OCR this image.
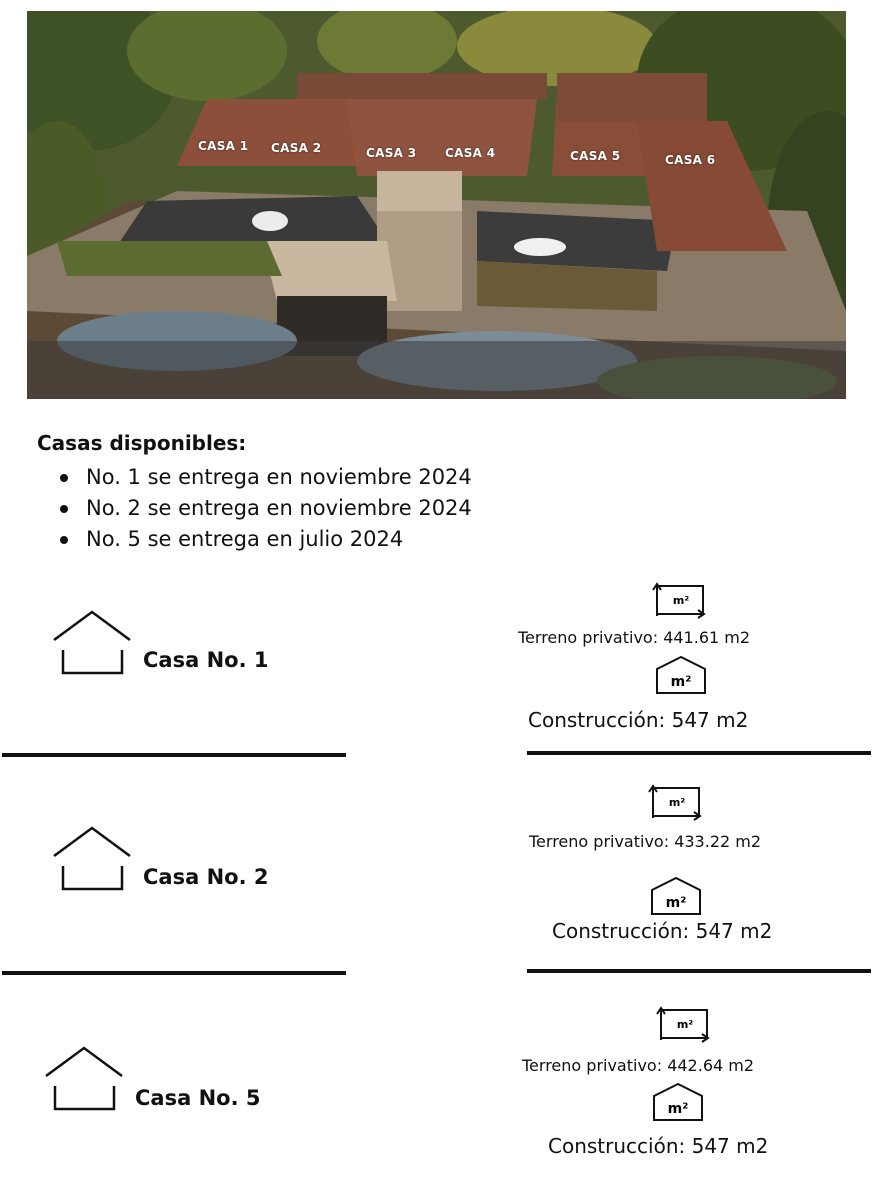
CASA 1 CASA 2	CASA 3 CASA 4	CASA 5	CASA 6
Casas disponibles:
No. 1 se entrega en noviembre 2024
No. 2 se entrega en noviembre 2024
No. 5 se entrega en julio 2024
Casa No. 1
m²
Terreno privativo: 441.61 m2
m²
Construcción: 547 m2
Casa No. 2
m²
Terreno privativo: 433.22 m2
m²
Construcción: 547 m2
Casa No. 5
m²
Terreno privativo: 442.64 m2
m²
Construcción: 547 m2
